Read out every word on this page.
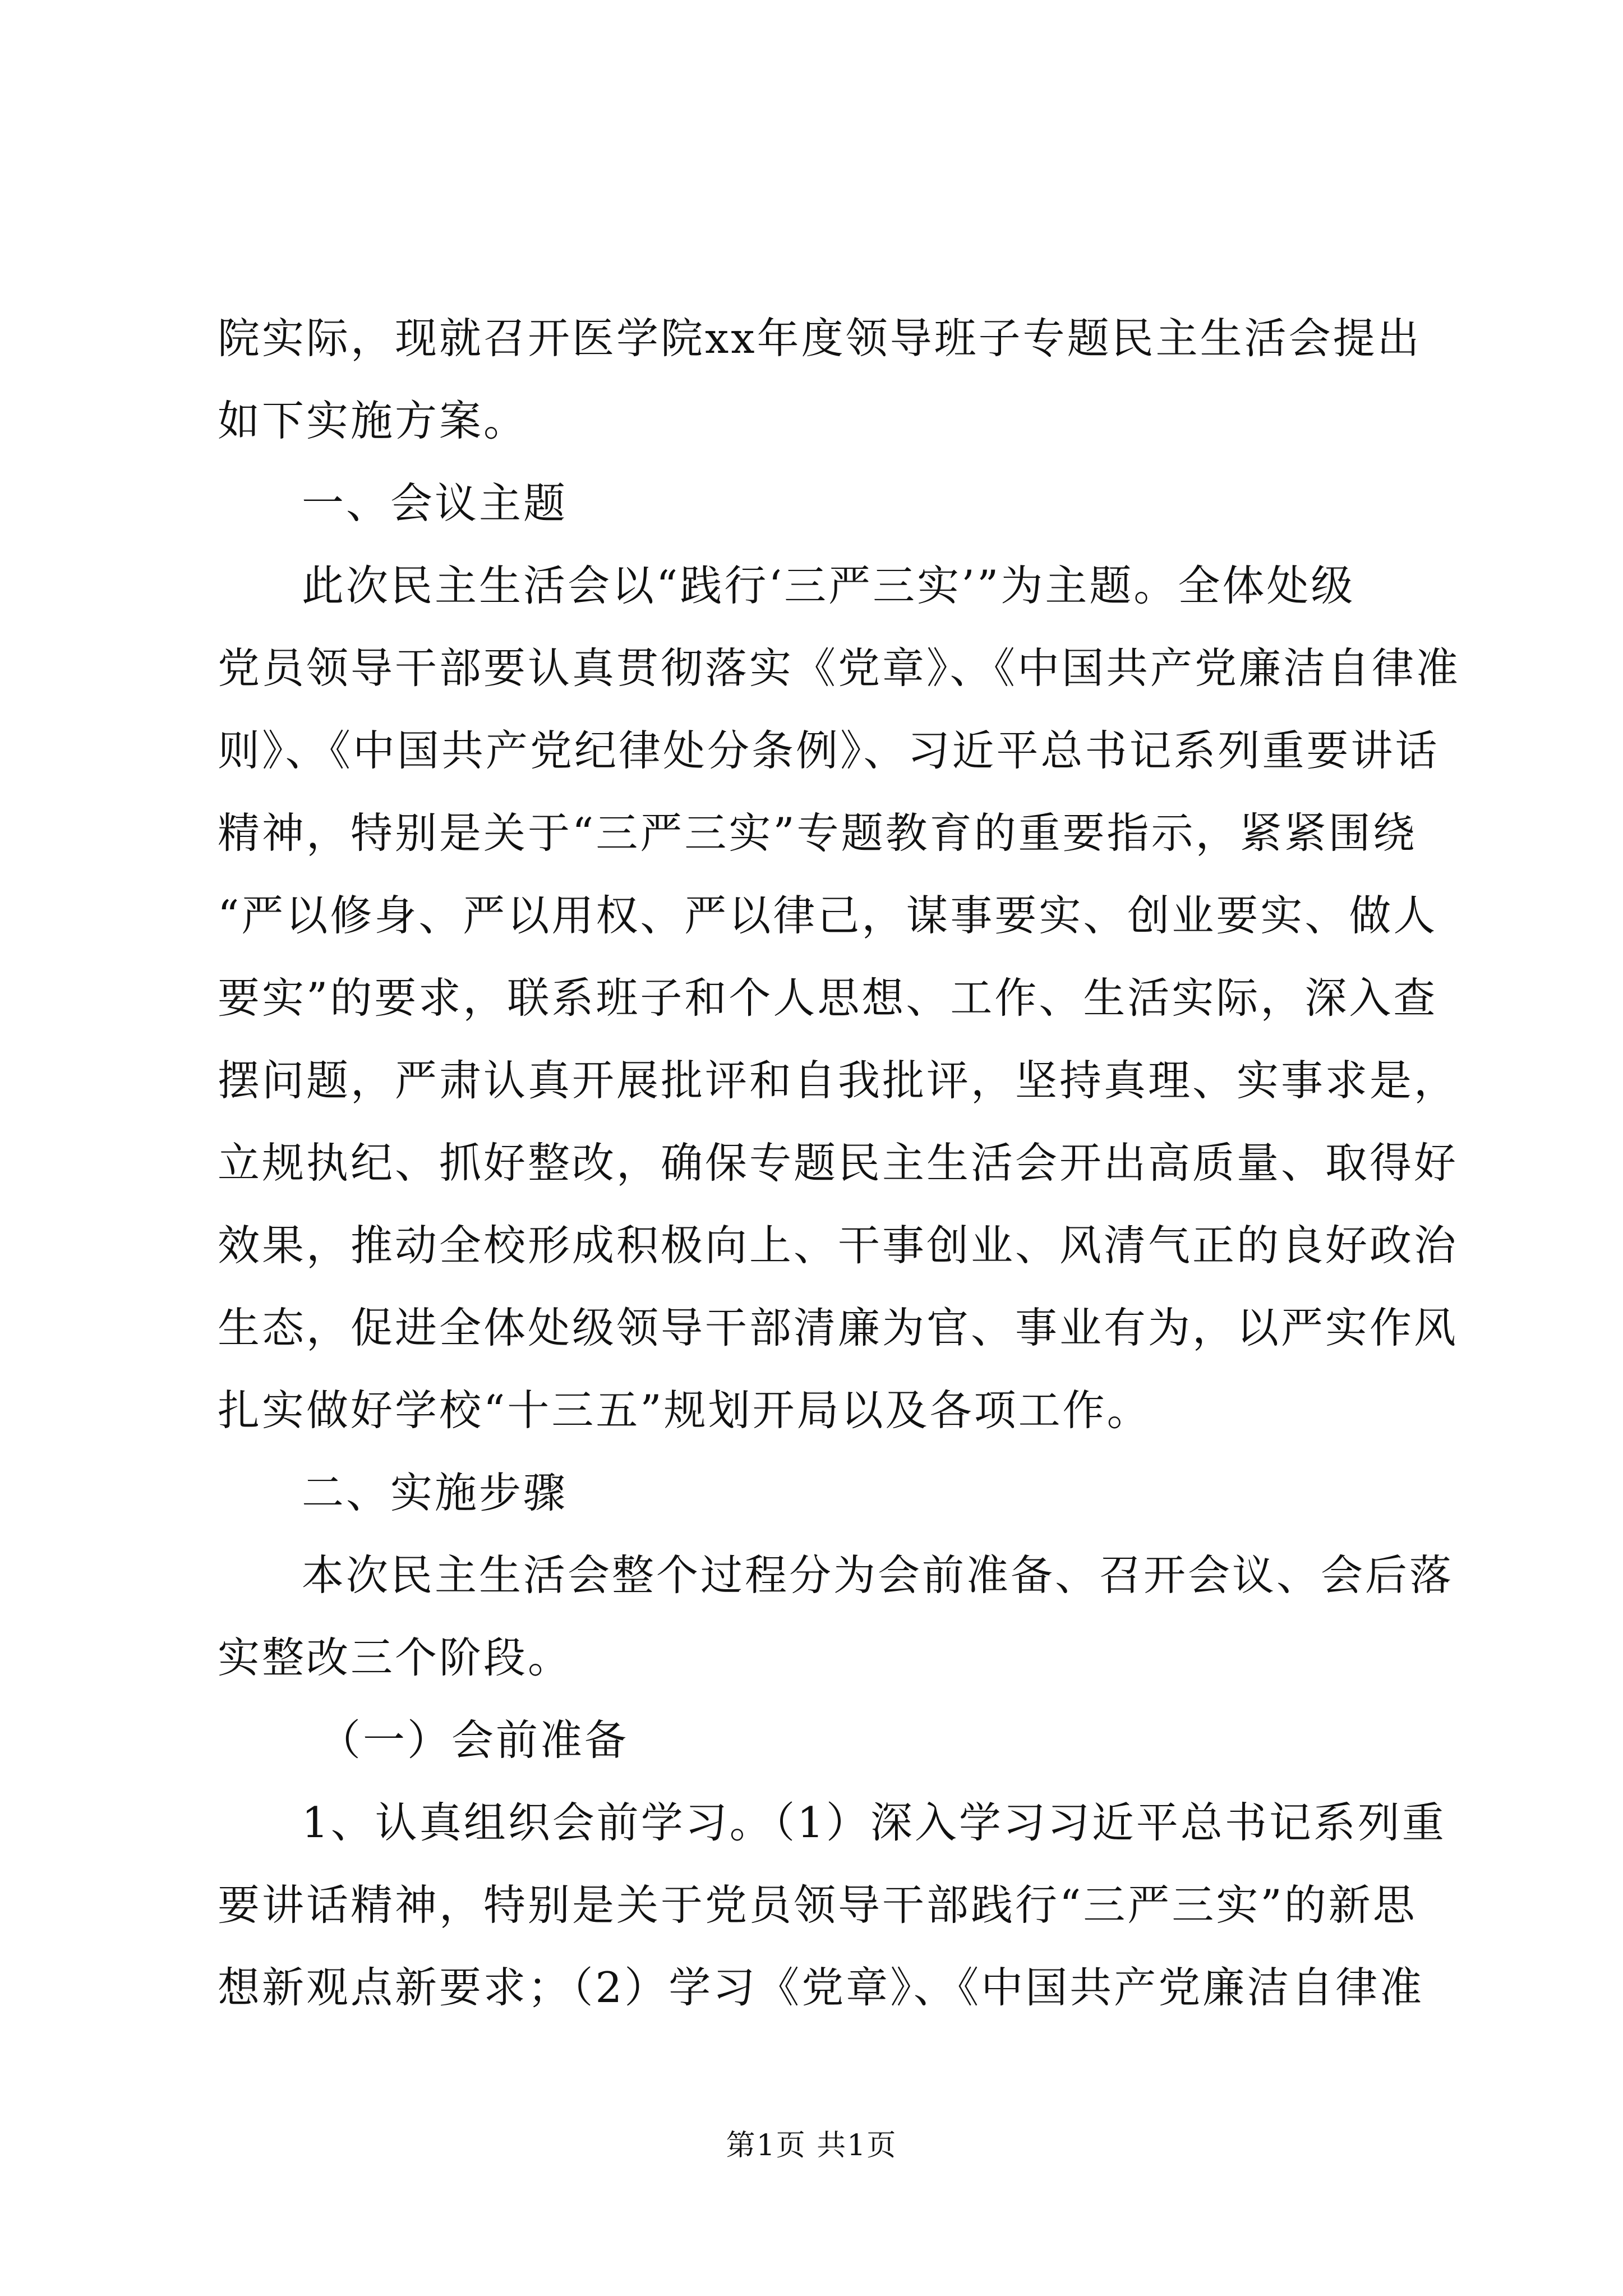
院实际，现就召开医学院xx年度领导班子专题民主生活会提出
如下实施方案。
一、会议主题
此次民主生活会以“践行‘三严三实’”为主题。全体处级
党员领导干部要认真贯彻落实《党章》、《中国共产党廉洁自律准
则》、《中国共产党纪律处分条例》、习近平总书记系列重要讲话
精神，特别是关于“三严三实”专题教育的重要指示，紧紧围绕
“严以修身、严以用权、严以律己，谋事要实、创业要实、做人
要实”的要求，联系班子和个人思想、工作、生活实际，深入查
摆问题，严肃认真开展批评和自我批评，坚持真理、实事求是，
立规执纪、抓好整改，确保专题民主生活会开出高质量、取得好
效果，推动全校形成积极向上、干事创业、风清气正的良好政治
生态，促进全体处级领导干部清廉为官、事业有为，以严实作风
扎实做好学校“十三五”规划开局以及各项工作。
二、实施步骤
本次民主生活会整个过程分为会前准备、召开会议、会后落
实整改三个阶段。
（一）会前准备
1、认真组织会前学习。（1）深入学习习近平总书记系列重
要讲话精神，特别是关于党员领导干部践行“三严三实”的新思
想新观点新要求；（2）学习《党章》、《中国共产党廉洁自律准
第1页 共1页
